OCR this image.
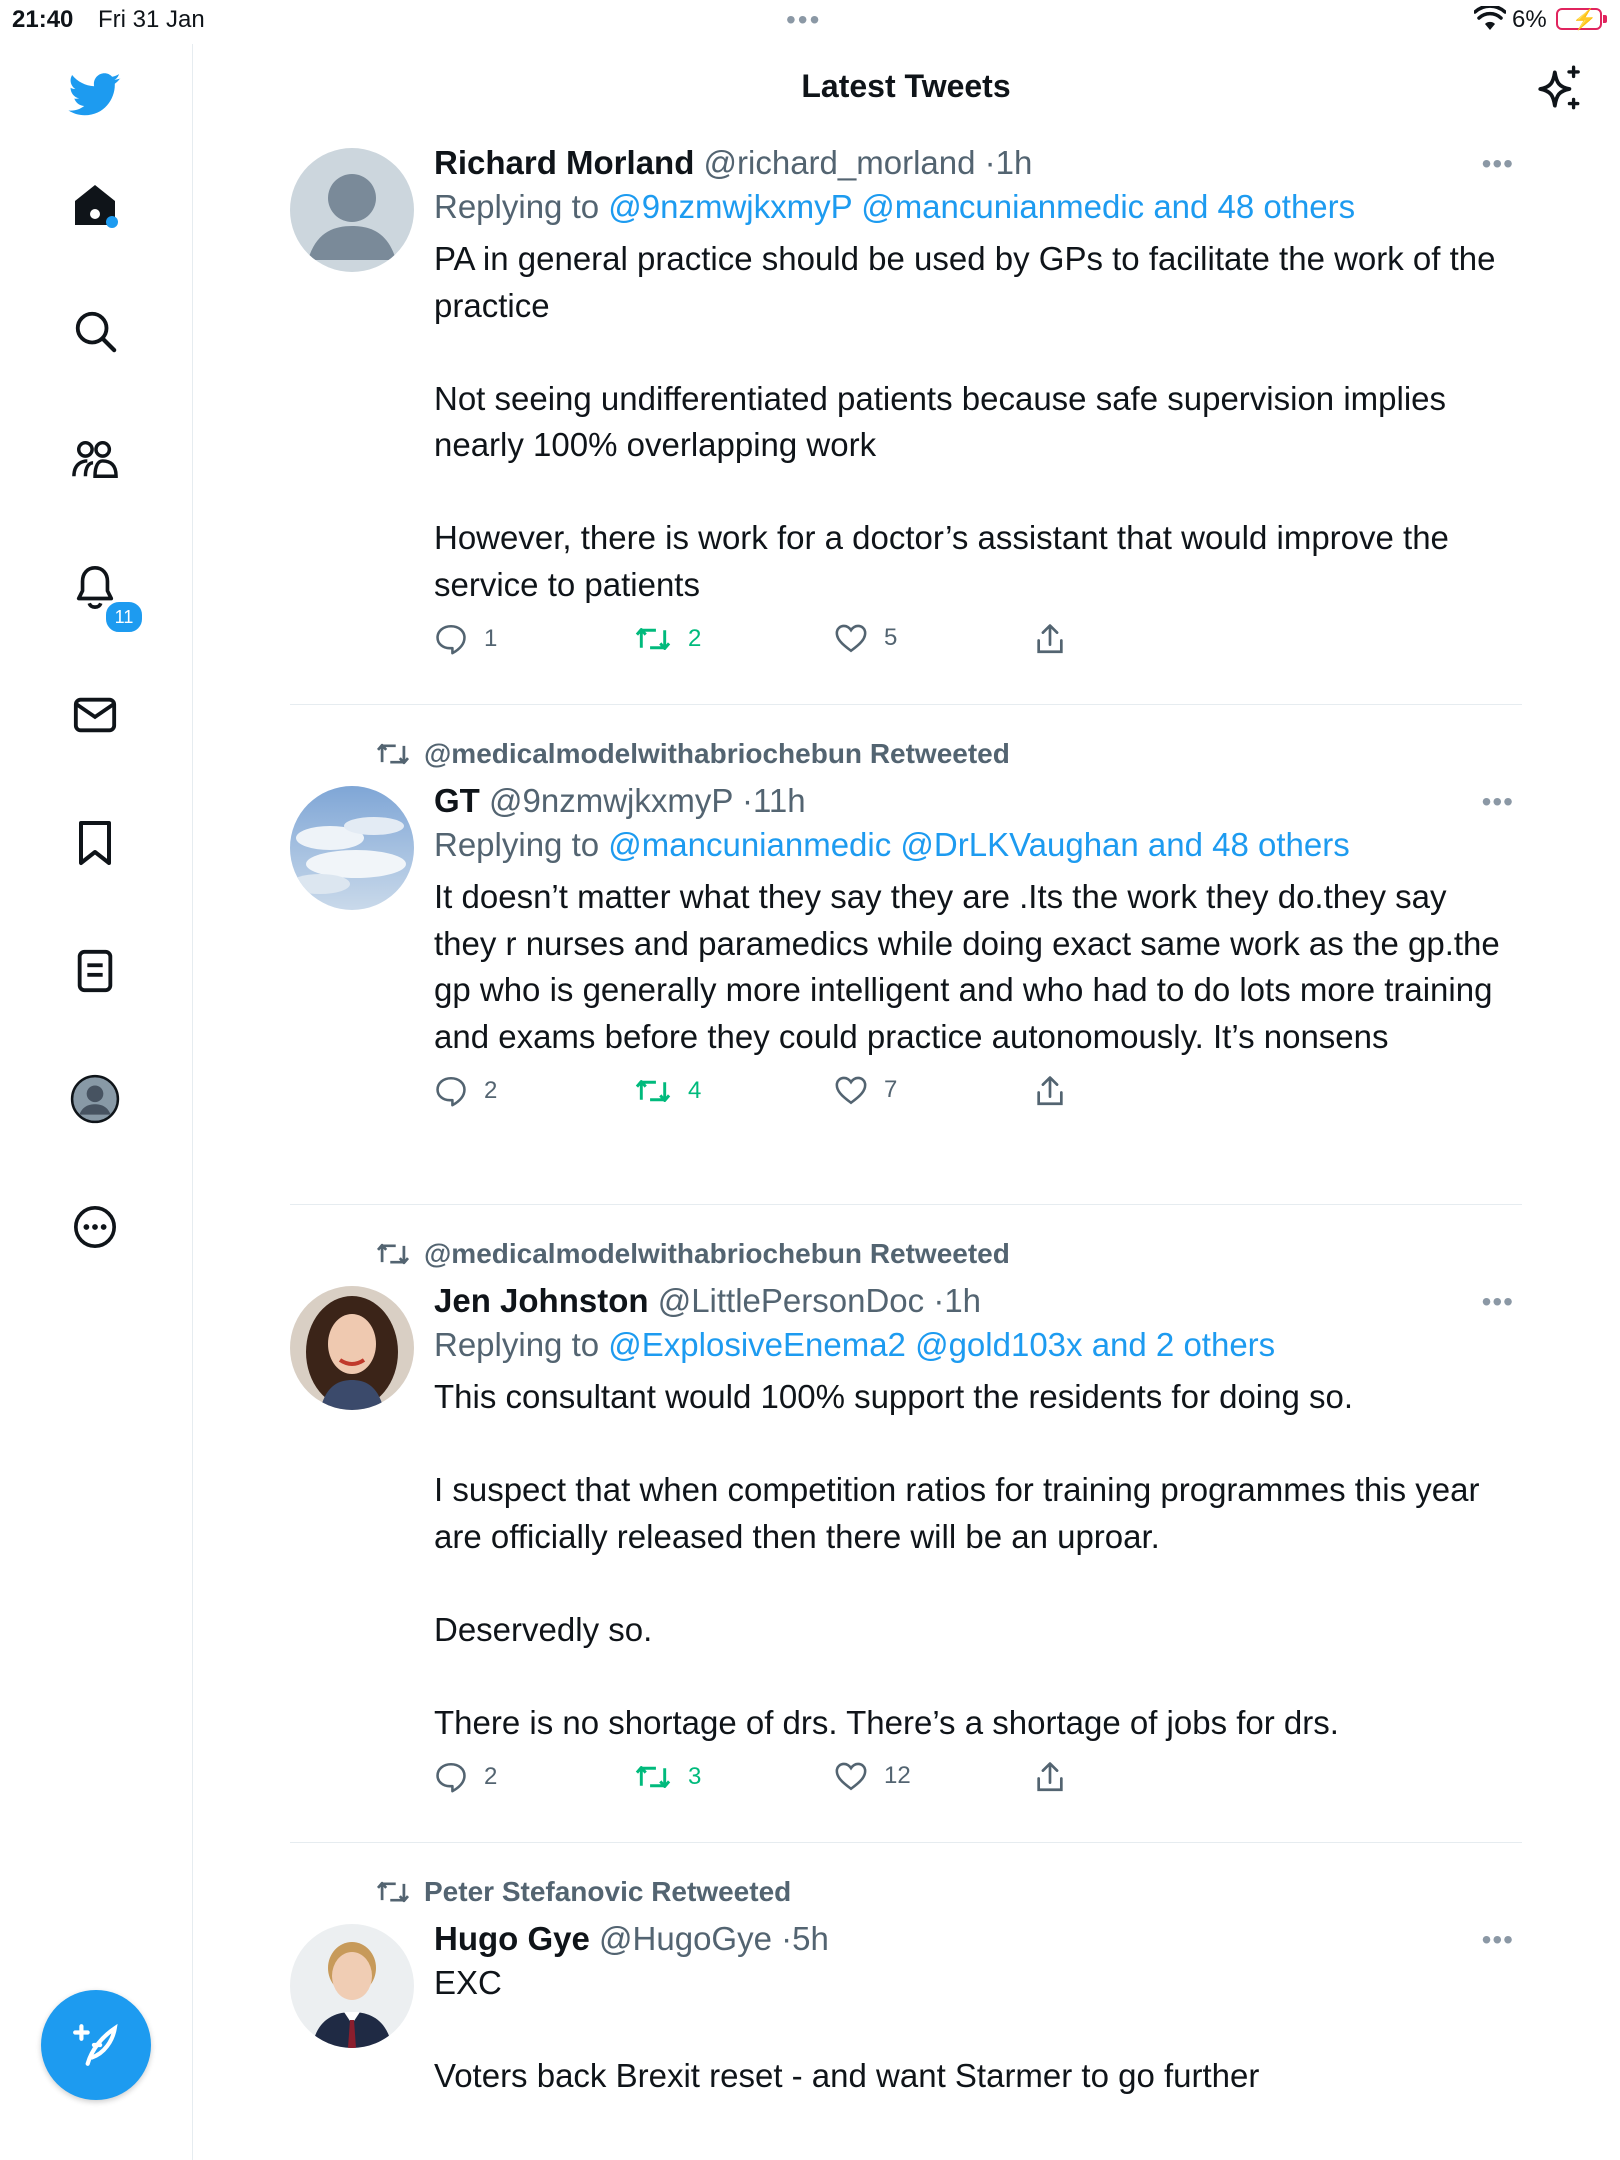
21:40 Fri 31 Jan	•••	6% ⚡
11
Latest Tweets
Richard Morland @richard_morland ·1h	•••
Replying to @9nzmwjkxmyP @mancunianmedic and 48 others
PA in general practice should be used by GPs to facilitate the work of the practice

Not seeing undifferentiated patients because safe supervision implies nearly 100% overlapping work

However, there is work for a doctor’s assistant that would improve the service to patients
1	2	5
@medicalmodelwithabriochebun Retweeted
GT @9nzmwjkxmyP ·11h	•••
Replying to @mancunianmedic @DrLKVaughan and 48 others
It doesn’t matter what they say they are .Its the work they do.they say they r nurses and paramedics while doing exact same work as the gp.the gp who is generally more intelligent and who had to do lots more training and exams before they could practice autonomously. It’s nonsens
2	4	7
@medicalmodelwithabriochebun Retweeted
Jen Johnston @LittlePersonDoc ·1h	•••
Replying to @ExplosiveEnema2 @gold103x and 2 others
This consultant would 100% support the residents for doing so.

I suspect that when competition ratios for training programmes this year are officially released then there will be an uproar.

Deservedly so.

There is no shortage of drs. There’s a shortage of jobs for drs.
2	3	12
Peter Stefanovic Retweeted
Hugo Gye @HugoGye ·5h	•••
EXC

Voters back Brexit reset - and want Starmer to go further
